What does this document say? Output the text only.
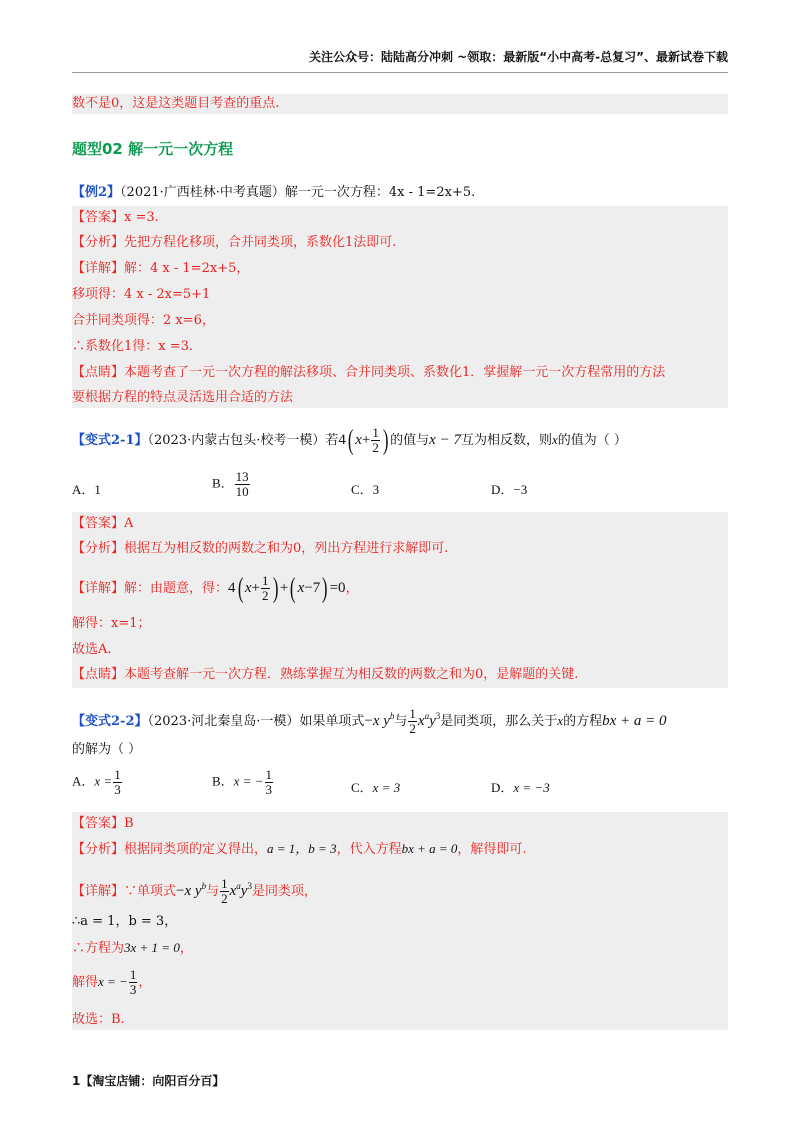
关注公众号：陆陆高分冲刺 ~领取：最新版“小中高考-总复习”、最新试卷下载
数不是0，这是这类题目考查的重点.
题型02 解一元一次方程
【例2】（2021·广西桂林·中考真题）解一元一次方程：4x - 1=2x+5.
【答案】x =3.
【分析】先把方程化移项，合并同类项，系数化1法即可.
【详解】解：4 x - 1=2x+5，
移项得：4 x - 2x=5+1
合并同类项得：2 x=6，
∴系数化1得：x =3.
【点睛】本题考查了一元一次方程的解法移项、合并同类项、系数化1．掌握解一元一次方程常用的方法
要根据方程的特点灵活选用合适的方法
【变式2-1】（2023·内蒙古包头·校考一模）若4( $x+ \frac{1}{2}$ ) 的值与x − 7互为相反数，则x的值为（ ）
A．1	B． $\frac{13}{10}$	C．3	D．−3
【答案】A
【分析】根据互为相反数的两数之和为0，列出方程进行求解即可.
【详解】解：由题意，得：4( $x+ \frac{1}{2}$ ) +( x−7) =0，
解得：x=1；
故选A.
【点睛】本题考查解一元一次方程．熟练掌握互为相反数的两数之和为0，是解题的关键.
【变式2-2】（2023·河北秦皇岛·一模）如果单项式−x $y^b$与 $\frac{1}{2} x^ay^3$是同类项，那么关于x的方程bx + a = 0
的解为（ ）
A．$x = \frac{1}{3}$	B．x = − $\frac{1}{3}$	C．x = 3	D．x = −3
【答案】B
【分析】根据同类项的定义得出，a = 1，b = 3，代入方程bx + a = 0，解得即可.
【详解】∵单项式−x $y^b$与 $\frac{1}{2} x^ay^3$是同类项，
∴a = 1，b = 3，
∴方程为3x + 1 = 0，
解得x = − $\frac{1}{3}$ ，
故选：B.
1【淘宝店铺：向阳百分百】
